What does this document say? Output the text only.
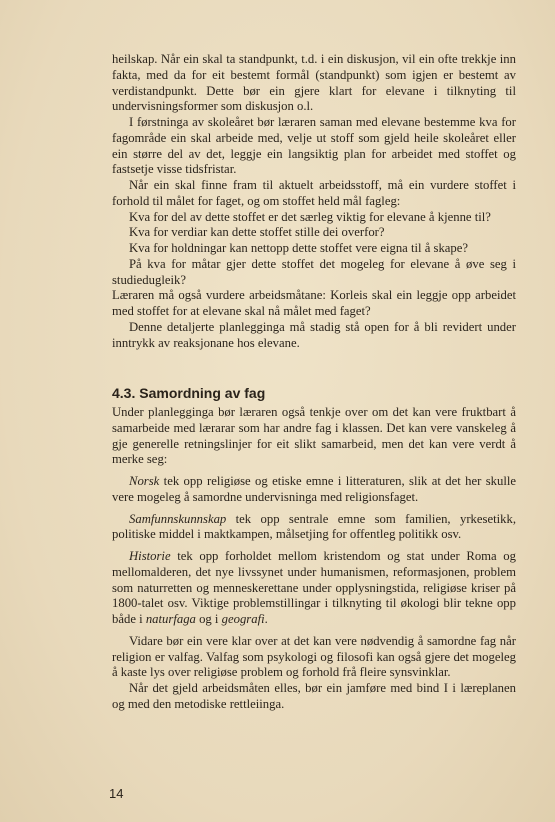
heilskap. Når ein skal ta standpunkt, t.d. i ein diskusjon, vil ein ofte trekkje inn fakta, med da for eit bestemt formål (standpunkt) som igjen er bestemt av verdistandpunkt. Dette bør ein gjere klart for elevane i tilknyting til undervisningsformer som diskusjon o.l.

I førstninga av skoleåret bør læraren saman med elevane bestemme kva for fagområde ein skal arbeide med, velje ut stoff som gjeld heile skoleåret eller ein større del av det, leggje ein langsiktig plan for arbeidet med stoffet og fastsetje visse tidsfristar.

Når ein skal finne fram til aktuelt arbeidsstoff, må ein vurdere stoffet i forhold til målet for faget, og om stoffet held mål fagleg:

Kva for del av dette stoffet er det særleg viktig for elevane å kjenne til?

Kva for verdiar kan dette stoffet stille dei overfor?

Kva for holdningar kan nettopp dette stoffet vere eigna til å skape?

På kva for måtar gjer dette stoffet det mogeleg for elevane å øve seg i studiedugleik?

Læraren må også vurdere arbeidsmåtane: Korleis skal ein leggje opp arbeidet med stoffet for at elevane skal nå målet med faget?

Denne detaljerte planlegginga må stadig stå open for å bli revidert under inntrykk av reaksjonane hos elevane.

4.3. Samordning av fag

Under planlegginga bør læraren også tenkje over om det kan vere fruktbart å samarbeide med lærarar som har andre fag i klassen. Det kan vere vanskeleg å gje generelle retningslinjer for eit slikt samarbeid, men det kan vere verdt å merke seg:

Norsk tek opp religiøse og etiske emne i litteraturen, slik at det her skulle vere mogeleg å samordne undervisninga med religionsfaget.

Samfunnskunnskap tek opp sentrale emne som familien, yrkesetikk, politiske middel i maktkampen, målsetjing for offentleg politikk osv.

Historie tek opp forholdet mellom kristendom og stat under Roma og mellomalderen, det nye livssynet under humanismen, reformasjonen, problem som naturretten og menneskerettane under opplysningstida, religiøse kriser på 1800-talet osv. Viktige problemstillingar i tilknyting til økologi blir tekne opp både i naturfaga og i geografi.

Vidare bør ein vere klar over at det kan vere nødvendig å samordne fag når religion er valfag. Valfag som psykologi og filosofi kan også gjere det mogeleg å kaste lys over religiøse problem og forhold frå fleire synsvinklar.

Når det gjeld arbeidsmåten elles, bør ein jamføre med bind I i læreplanen og med den metodiske rettleiinga.

14
